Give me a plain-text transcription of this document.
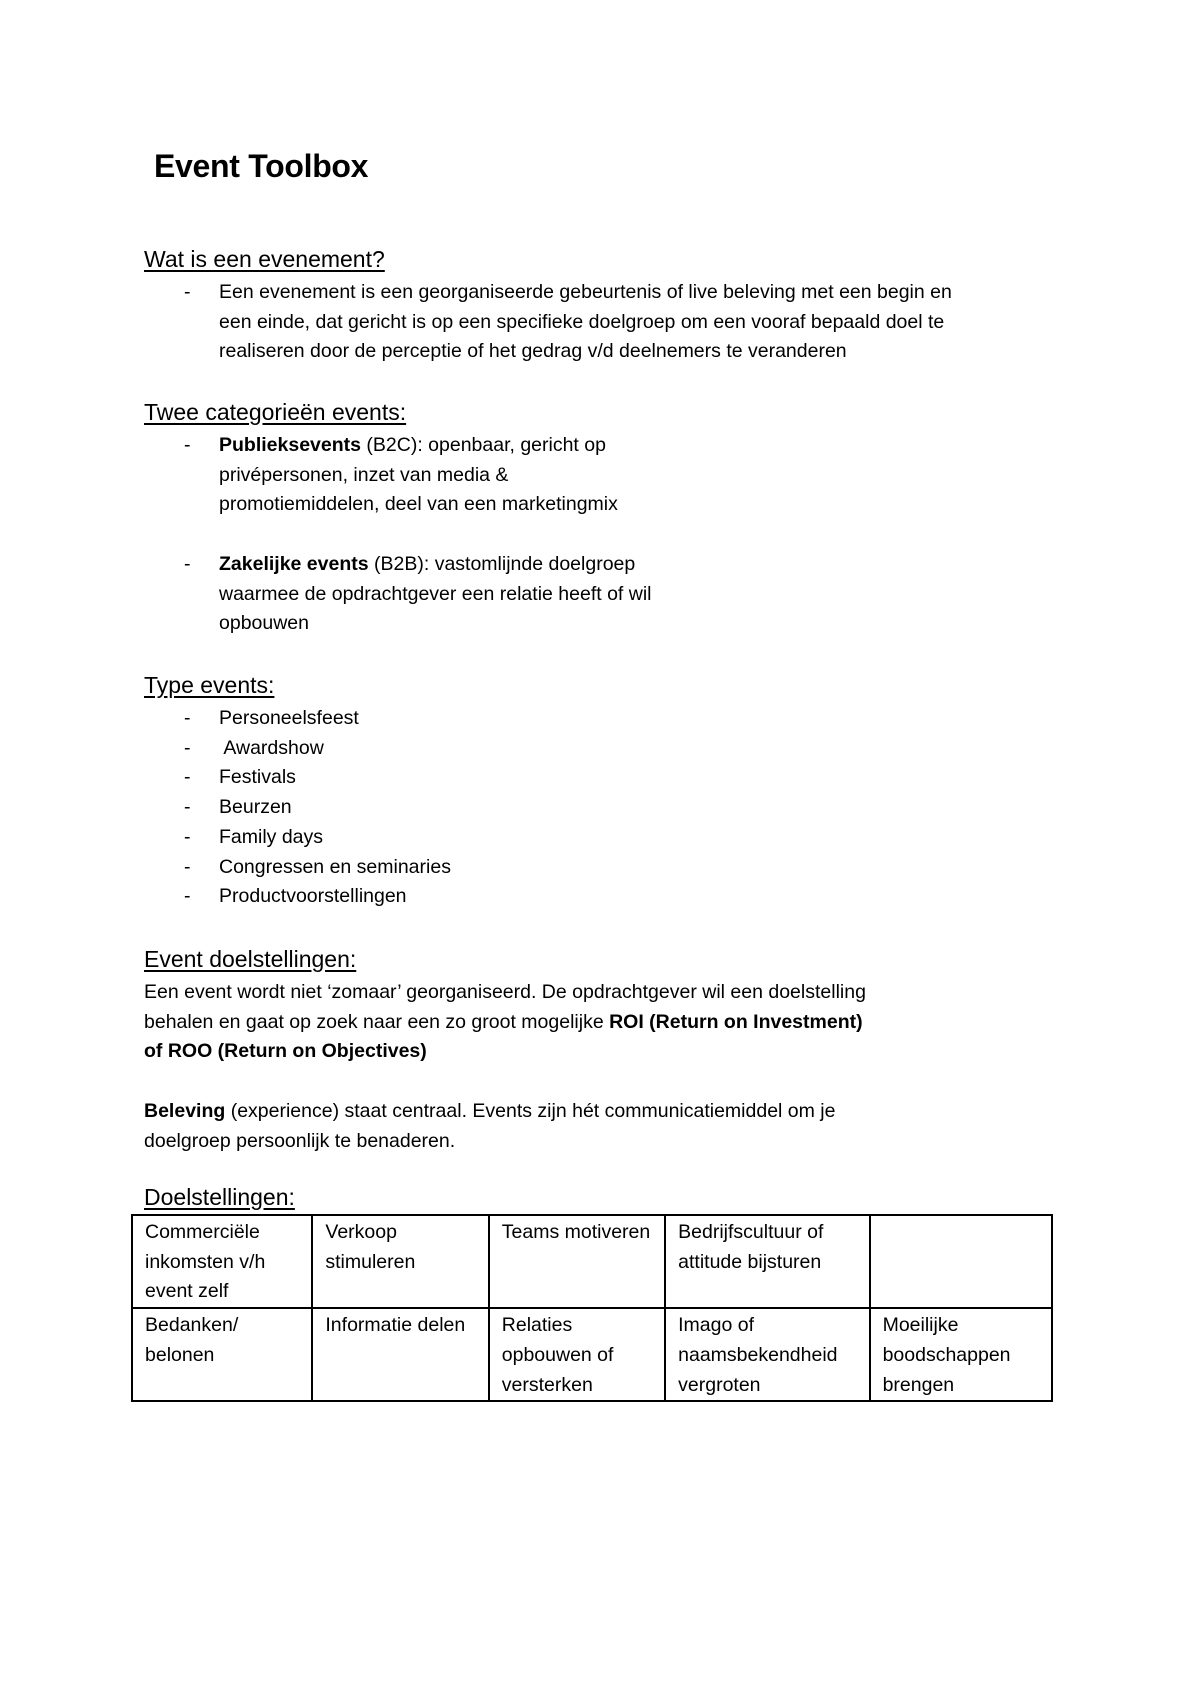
Event Toolbox
Wat is een evenement?
- Een evenement is een georganiseerde gebeurtenis of live beleving met een begin en
een einde, dat gericht is op een specifieke doelgroep om een vooraf bepaald doel te
realiseren door de perceptie of het gedrag v/d deelnemers te veranderen
Twee categorieën events:
- Publieksevents (B2C): openbaar, gericht op
privépersonen, inzet van media &
promotiemiddelen, deel van een marketingmix
- Zakelijke events (B2B): vastomlijnde doelgroep
waarmee de opdrachtgever een relatie heeft of wil
opbouwen
Type events:
- Personeelsfeest
- Awardshow
- Festivals
- Beurzen
- Family days
- Congressen en seminaries
- Productvoorstellingen
Event doelstellingen:
Een event wordt niet ‘zomaar’ georganiseerd. De opdrachtgever wil een doelstelling
behalen en gaat op zoek naar een zo groot mogelijke ROI (Return on Investment)
of ROO (Return on Objectives)
Beleving (experience) staat centraal. Events zijn hét communicatiemiddel om je
doelgroep persoonlijk te benaderen.
Doelstellingen:
Commerciële inkomsten v/h event zelf	Verkoop stimuleren	Teams motiveren	Bedrijfscultuur of attitude bijsturen	
Bedanken/ belonen	Informatie delen	Relaties opbouwen of versterken	Imago of naamsbekendheid vergroten	Moeilijke boodschappen brengen
